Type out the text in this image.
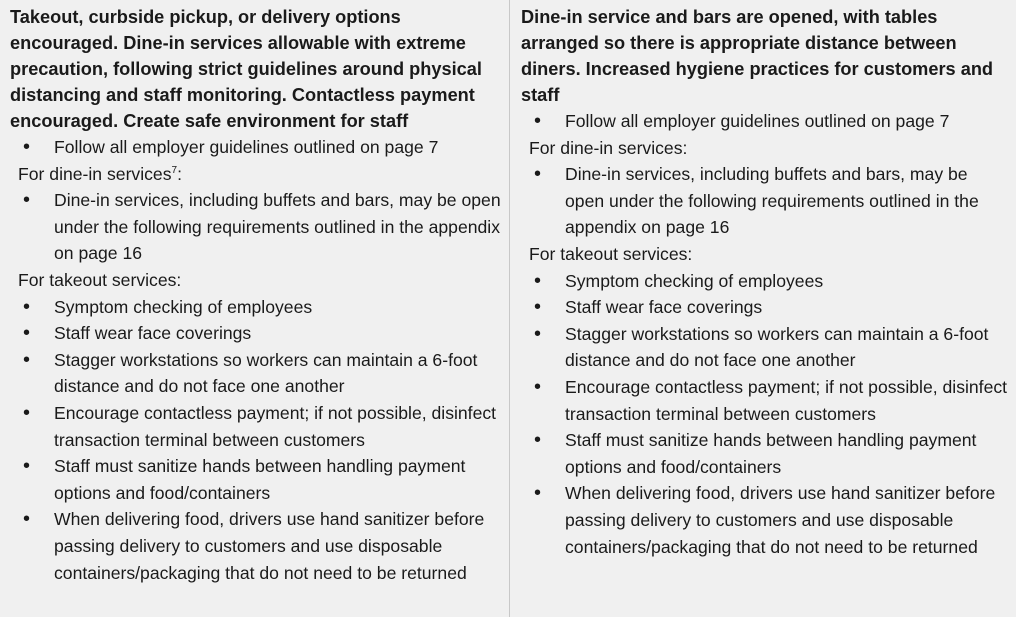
Takeout, curbside pickup, or delivery options encouraged. Dine-in services allowable with extreme precaution, following strict guidelines around physical distancing and staff monitoring. Contactless payment encouraged. Create safe environment for staff

• Follow all employer guidelines outlined on page 7

For dine-in services$^7$:

• Dine-in services, including buffets and bars, may be open under the following requirements outlined in the appendix on page 16

For takeout services:

• Symptom checking of employees
• Staff wear face coverings
• Stagger workstations so workers can maintain a 6-foot distance and do not face one another
• Encourage contactless payment; if not possible, disinfect transaction terminal between customers
• Staff must sanitize hands between handling payment options and food/containers
• When delivering food, drivers use hand sanitizer before passing delivery to customers and use disposable containers/packaging that do not need to be returned

Dine-in service and bars are opened, with tables arranged so there is appropriate distance between diners. Increased hygiene practices for customers and staff

• Follow all employer guidelines outlined on page 7

For dine-in services:

• Dine-in services, including buffets and bars, may be open under the following requirements outlined in the appendix on page 16

For takeout services:

• Symptom checking of employees
• Staff wear face coverings
• Stagger workstations so workers can maintain a 6-foot distance and do not face one another
• Encourage contactless payment; if not possible, disinfect transaction terminal between customers
• Staff must sanitize hands between handling payment options and food/containers
• When delivering food, drivers use hand sanitizer before passing delivery to customers and use disposable containers/packaging that do not need to be returned
